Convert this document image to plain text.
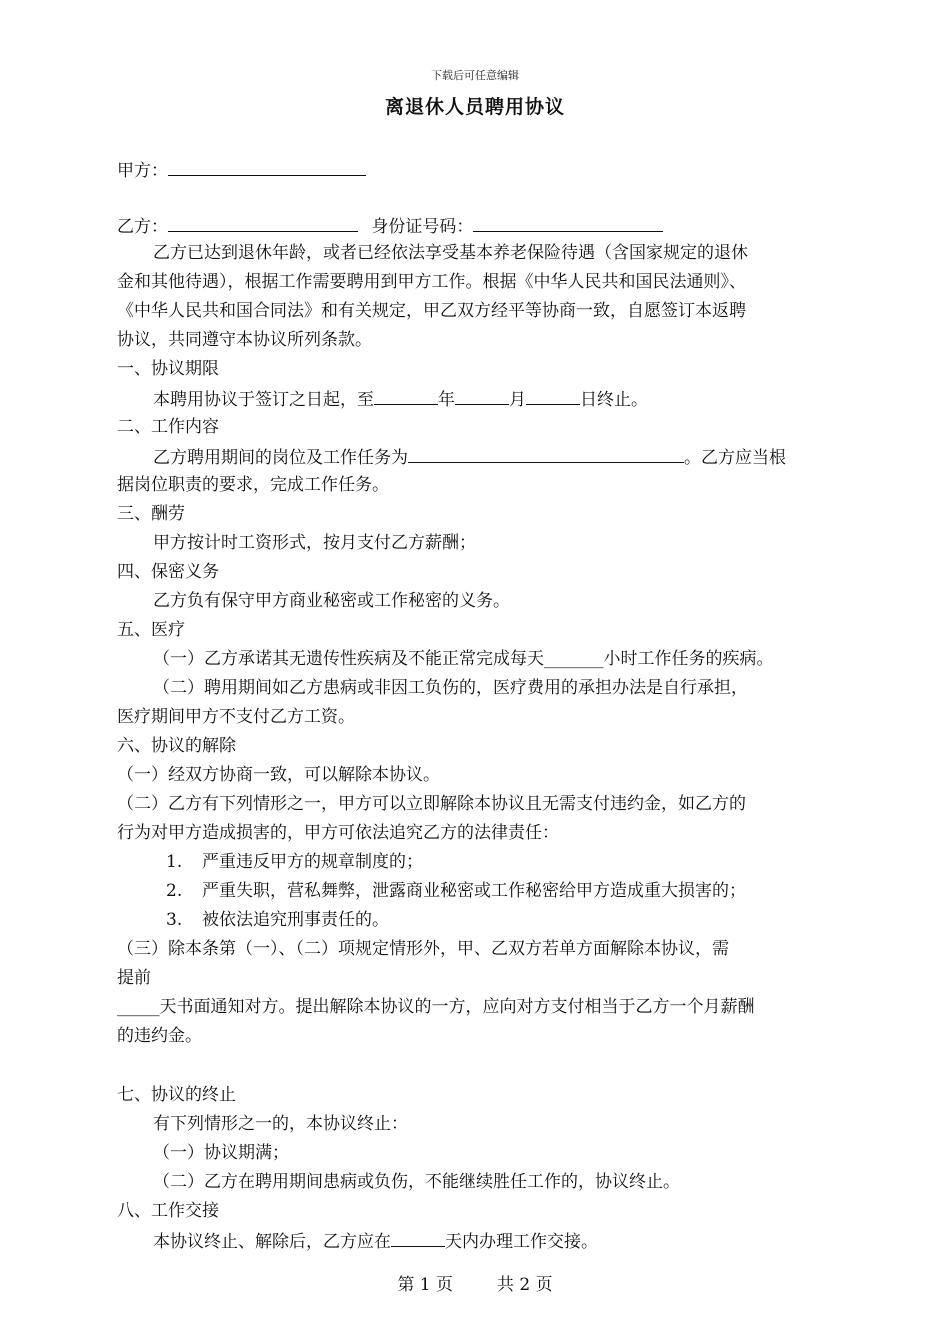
下载后可任意编辑
离退休人员聘用协议
甲方：
乙方：	身份证号码：
乙方已达到退休年龄，或者已经依法享受基本养老保险待遇（含国家规定的退休
金和其他待遇），根据工作需要聘用到甲方工作。根据《中华人民共和国民法通则》、
《中华人民共和国合同法》和有关规定，甲乙双方经平等协商一致，自愿签订本返聘
协议，共同遵守本协议所列条款。
一、协议期限
本聘用协议于签订之日起，至	年	月	日终止。
二、工作内容
乙方聘用期间的岗位及工作任务为	。乙方应当根
据岗位职责的要求，完成工作任务。
三、酬劳
甲方按计时工资形式，按月支付乙方薪酬；
四、保密义务
乙方负有保守甲方商业秘密或工作秘密的义务。
五、医疗
（一）乙方承诺其无遗传性疾病及不能正常完成每天_______小时工作任务的疾病。
（二）聘用期间如乙方患病或非因工负伤的，医疗费用的承担办法是自行承担，
医疗期间甲方不支付乙方工资。
六、协议的解除
（一）经双方协商一致，可以解除本协议。
（二）乙方有下列情形之一，甲方可以立即解除本协议且无需支付违约金，如乙方的
行为对甲方造成损害的，甲方可依法追究乙方的法律责任：
1. 严重违反甲方的规章制度的；
2. 严重失职，营私舞弊，泄露商业秘密或工作秘密给甲方造成重大损害的；
3. 被依法追究刑事责任的。
（三）除本条第（一）、（二）项规定情形外，甲、乙双方若单方面解除本协议，需
提前
_____天书面通知对方。提出解除本协议的一方，应向对方支付相当于乙方一个月薪酬
的违约金。
七、协议的终止
有下列情形之一的，本协议终止：
（一）协议期满；
（二）乙方在聘用期间患病或负伤，不能继续胜任工作的，协议终止。
八、工作交接
本协议终止、解除后，乙方应在	天内办理工作交接。
第 1 页	共 2 页
